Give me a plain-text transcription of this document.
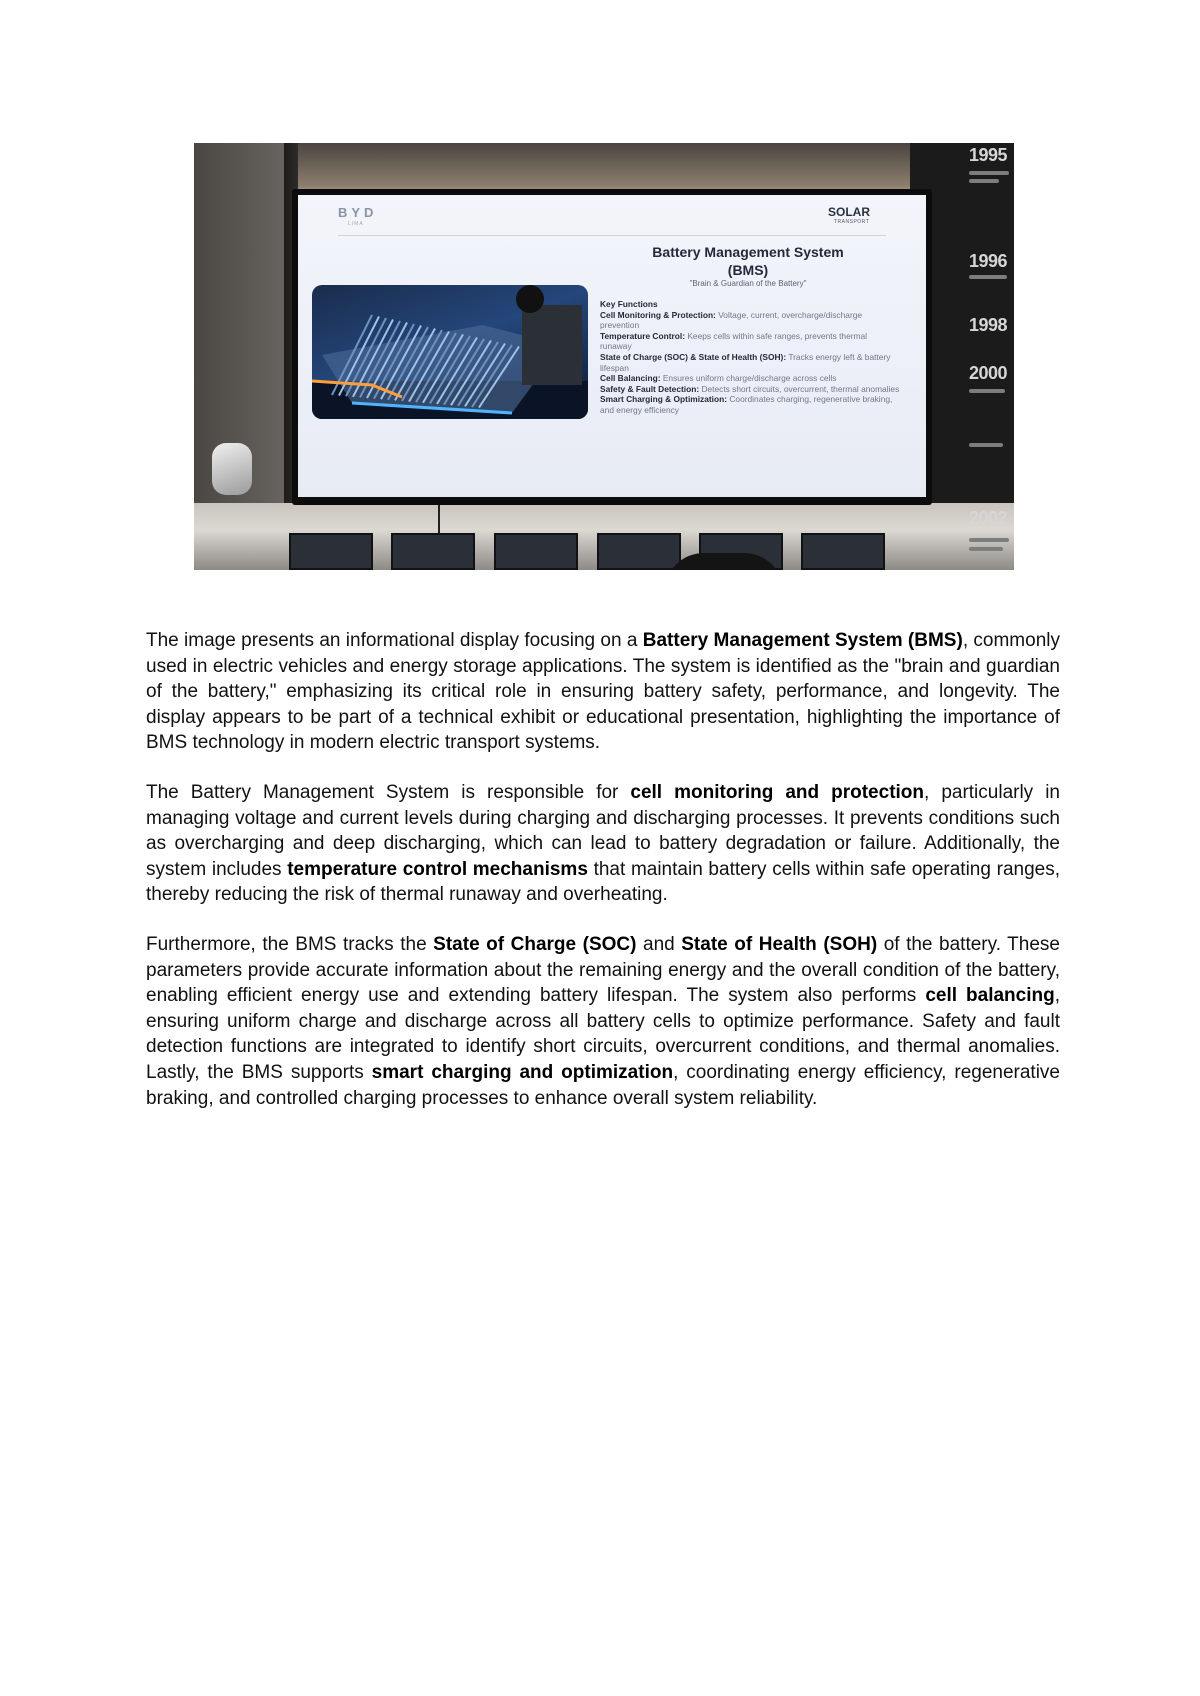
1995
1996
1998
2000
2002
BYD
LIMA
SOLAR
TRANSPORT
Battery Management System
(BMS)
"Brain & Guardian of the Battery"
Key Functions
Cell Monitoring & Protection: Voltage, current, overcharge/discharge prevention
Temperature Control: Keeps cells within safe ranges, prevents thermal runaway
State of Charge (SOC) & State of Health (SOH): Tracks energy left & battery lifespan
Cell Balancing: Ensures uniform charge/discharge across cells
Safety & Fault Detection: Detects short circuits, overcurrent, thermal anomalies
Smart Charging & Optimization: Coordinates charging, regenerative braking, and energy efficiency

The image presents an informational display focusing on a Battery Management System (BMS), commonly used in electric vehicles and energy storage applications. The system is identified as the "brain and guardian of the battery," emphasizing its critical role in ensuring battery safety, performance, and longevity. The display appears to be part of a technical exhibit or educational presentation, highlighting the importance of BMS technology in modern electric transport systems.

The Battery Management System is responsible for cell monitoring and protection, particularly in managing voltage and current levels during charging and discharging processes. It prevents conditions such as overcharging and deep discharging, which can lead to battery degradation or failure. Additionally, the system includes temperature control mechanisms that maintain battery cells within safe operating ranges, thereby reducing the risk of thermal runaway and overheating.

Furthermore, the BMS tracks the State of Charge (SOC) and State of Health (SOH) of the battery. These parameters provide accurate information about the remaining energy and the overall condition of the battery, enabling efficient energy use and extending battery lifespan. The system also performs cell balancing, ensuring uniform charge and discharge across all battery cells to optimize performance. Safety and fault detection functions are integrated to identify short circuits, overcurrent conditions, and thermal anomalies. Lastly, the BMS supports smart charging and optimization, coordinating energy efficiency, regenerative braking, and controlled charging processes to enhance overall system reliability.
